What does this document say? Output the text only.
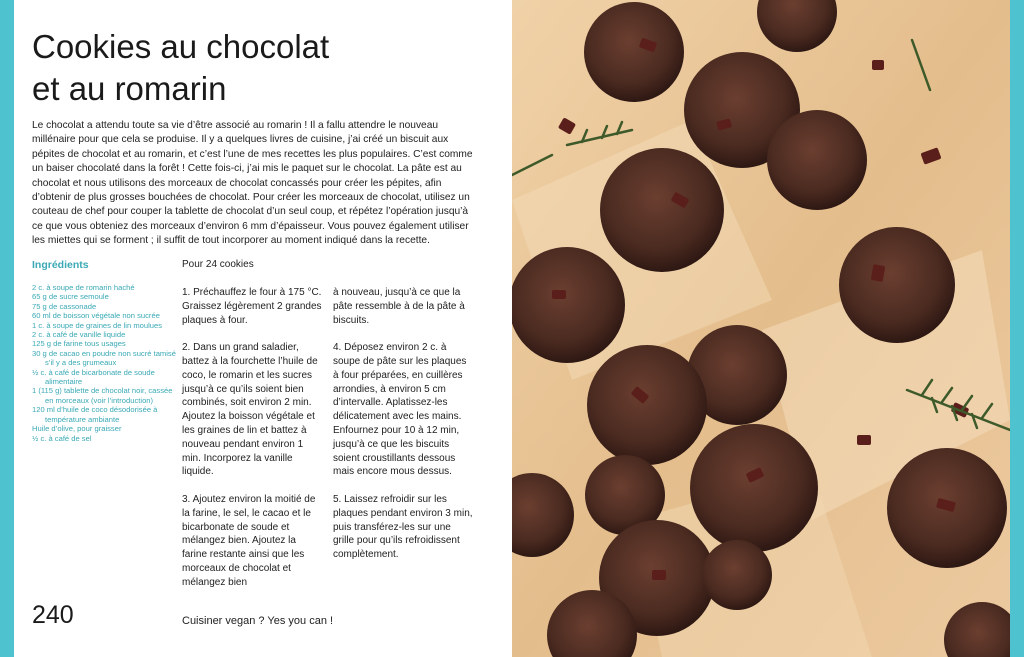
Cookies au chocolat
et au romarin

Le chocolat a attendu toute sa vie d’être associé au romarin ! Il a fallu attendre le nouveau millénaire pour que cela se produise. Il y a quelques livres de cuisine, j’ai créé un biscuit aux pépites de chocolat et au romarin, et c’est l’une de mes recettes les plus populaires. C’est comme un baiser chocolaté dans la forêt ! Cette fois-ci, j’ai mis le paquet sur le chocolat. La pâte est au chocolat et nous utilisons des morceaux de chocolat concassés pour créer les pépites, afin d’obtenir de plus grosses bouchées de chocolat. Pour créer les morceaux de chocolat, utilisez un couteau de chef pour couper la tablette de chocolat d’un seul coup, et répétez l’opération jusqu’à ce que vous obteniez des morceaux d’environ 6 mm d’épaisseur. Vous pouvez également utiliser les miettes qui se forment ; il suffit de tout incorporer au moment indiqué dans la recette.

Ingrédients
2 c. à soupe de romarin haché
65 g de sucre semoule
75 g de cassonade
60 ml de boisson végétale non sucrée
1 c. à soupe de graines de lin moulues
2 c. à café de vanille liquide
125 g de farine tous usages
30 g de cacao en poudre non sucré tamisé s’il y a des grumeaux
½ c. à café de bicarbonate de soude alimentaire
1 (115 g) tablette de chocolat noir, cassée en morceaux (voir l’introduction)
120 ml d’huile de coco désodorisée à température ambiante
Huile d’olive, pour graisser
½ c. à café de sel

Pour 24 cookies

1. Préchauffez le four à 175 °C. Graissez légèrement 2 grandes plaques à four.

2. Dans un grand saladier, battez à la fourchette l’huile de coco, le romarin et les sucres jusqu’à ce qu’ils soient bien combinés, soit environ 2 min. Ajoutez la boisson végétale et les graines de lin et battez à nouveau pendant environ 1 min. Incorporez la vanille liquide.

3. Ajoutez environ la moitié de la farine, le sel, le cacao et le bicarbonate de soude et mélangez bien. Ajoutez la farine restante ainsi que les morceaux de chocolat et mélangez bien

à nouveau, jusqu’à ce que la pâte ressemble à de la pâte à biscuits.

4. Déposez environ 2 c. à soupe de pâte sur les plaques à four préparées, en cuillères arrondies, à environ 5 cm d’intervalle. Aplatissez-les délicatement avec les mains. Enfournez pour 10 à 12 min, jusqu’à ce que les biscuits soient croustillants dessous mais encore mous dessus.

5. Laissez refroidir sur les plaques pendant environ 3 min, puis transférez-les sur une grille pour qu’ils refroidissent complètement.

240	Cuisiner vegan ? Yes you can !
